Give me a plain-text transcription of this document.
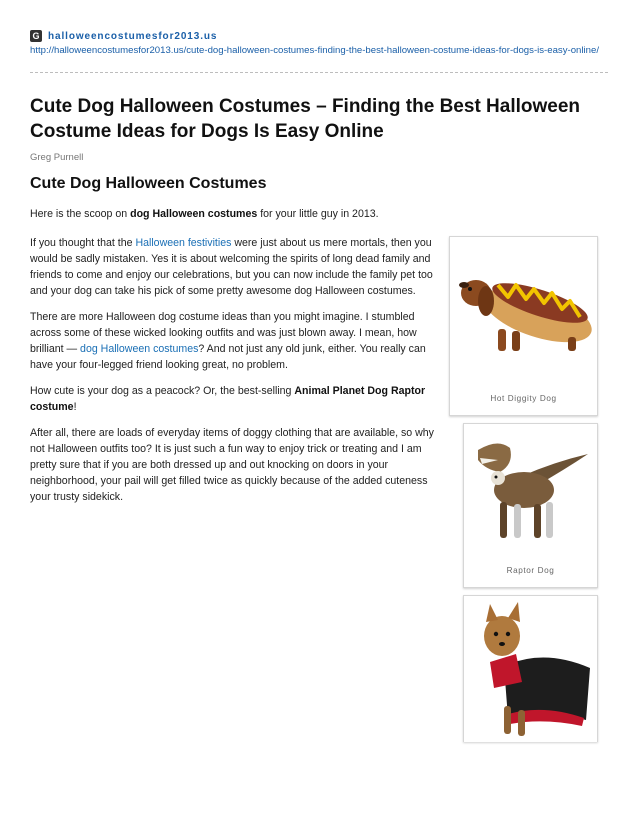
G halloweencostumesfor2013.us
http://halloweencostumesfor2013.us/cute-dog-halloween-costumes-finding-the-best-halloween-costume-ideas-for-dogs-is-easy-online/
Cute Dog Halloween Costumes – Finding the Best Halloween Costume Ideas for Dogs Is Easy Online
Greg Purnell
Cute Dog Halloween Costumes

Here is the scoop on dog Halloween costumes for your little guy in 2013.

If you thought that the Halloween festivities were just about us mere mortals, then you would be sadly mistaken. Yes it is about welcoming the spirits of long dead family and friends to come and enjoy our celebrations, but you can now include the family pet too and your dog can take his pick of some pretty awesome dog Halloween costumes.

There are more Halloween dog costume ideas than you might imagine. I stumbled across some of these wicked looking outfits and was just blown away. I mean, how brilliant — dog Halloween costumes? And not just any old junk, either. You really can have your four-legged friend looking great, no problem.

How cute is your dog as a peacock? Or, the best-selling Animal Planet Dog Raptor costume!

After all, there are loads of everyday items of doggy clothing that are available, so why not Halloween outfits too? It is just such a fun way to enjoy trick or treating and I am pretty sure that if you are both dressed up and out knocking on doors in your neighborhood, your pail will get filled twice as quickly because of the added cuteness your trusty sidekick.

Hot Diggity Dog
Raptor Dog
